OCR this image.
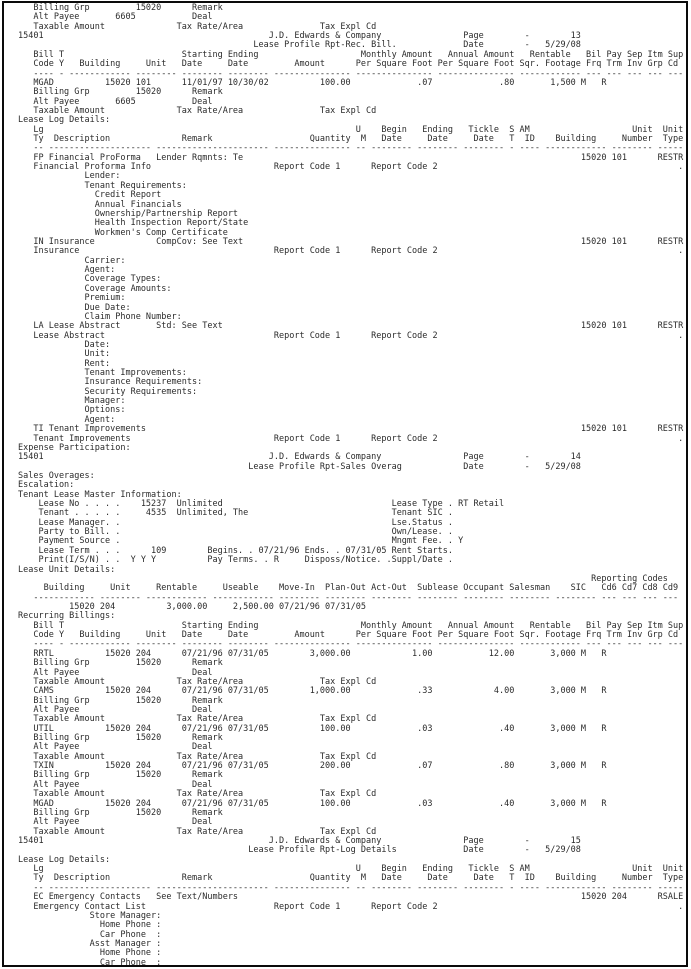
Billing Grp         15020      Remark
Alt Payee       6605           Deal
Taxable Amount              Tax Rate/Area               Tax Expl Cd
15401                                            J.D. Edwards & Company                Page        -        13
Lease Profile Rpt-Rec. Bill.             Date        -   5/29/08
Bill T                       Starting Ending                    Monthly Amount   Annual Amount   Rentable   Bil Pay Sep Itm Sup
Code Y   Building     Unit   Date     Date         Amount      Per Square Foot Per Square Foot Sqr. Footage Frq Trm Inv Grp Cd
---- - ------------ -------- -------- -------- --------------- --------------- --------------- ------------ --- --- --- --- ---
MGAD          15020 101      11/01/97 10/30/02          100.00             .07             .80       1,500 M   R
Billing Grp         15020      Remark
Alt Payee       6605           Deal
Taxable Amount              Tax Rate/Area               Tax Expl Cd
Lease Log Details:
Lg                                                             U    Begin   Ending   Tickle  S AM                    Unit  Unit
Ty  Description              Remark                   Quantity  M   Date     Date     Date   T  ID    Building     Number  Type
-- -------------------- ---------------------- --------------- -- -------- -------- -------- - ---- ------------ -------- -----
FP Financial ProForma   Lender Rqmnts: Te                                                                  15020 101      RESTR
Financial Proforma Info                        Report Code 1      Report Code 2                                               .
Lender:
Tenant Requirements:
Credit Report
Annual Financials
Ownership/Partnership Report
Health Inspection Report/State
Workmen's Comp Certificate
IN Insurance            CompCov: See Text                                                                  15020 101      RESTR
Insurance                                      Report Code 1      Report Code 2                                               .
Carrier:
Agent:
Coverage Types:
Coverage Amounts:
Premium:
Due Date:
Claim Phone Number:
LA Lease Abstract       Std: See Text                                                                      15020 101      RESTR
Lease Abstract                                 Report Code 1      Report Code 2                                               .
Date:
Unit:
Rent:
Tenant Improvements:
Insurance Requirements:
Security Requirements:
Manager:
Options:
Agent:
TI Tenant Improvements                                                                                     15020 101      RESTR
Tenant Improvements                            Report Code 1      Report Code 2                                               .
Expense Participation:
15401                                            J.D. Edwards & Company                Page        -        14
Lease Profile Rpt-Sales Overag            Date        -   5/29/08
Sales Overages:
Escalation:
Tenant Lease Master Information:
Lease No . . . .    15237  Unlimited                                 Lease Type . RT Retail
Tenant . . . . .     4535  Unlimited, The                            Tenant SIC .
Lease Manager. .                                                     Lse.Status .
Party to Bill. .                                                     Own/Lease. .
Payment Source .                                                     Mngmt Fee. . Y
Lease Term . . .      109        Begins. . 07/21/96 Ends. . 07/31/05 Rent Starts.
Print(I/S/N) . .  Y Y Y          Pay Terms. . R     Disposs/Notice. .Suppl/Date .
Lease Unit Details:
Reporting Codes
Building     Unit     Rentable     Useable    Move-In  Plan-Out Act-Out  Sublease Occupant Salesman    SIC   Cd6 Cd7 Cd8 Cd9
------------ -------- ------------ ------------ -------- -------- -------- -------- -------- -------- -------- --- --- --- ---
15020 204          3,000.00     2,500.00 07/21/96 07/31/05
Recurring Billings:
Bill T                       Starting Ending                    Monthly Amount   Annual Amount   Rentable   Bil Pay Sep Itm Sup
Code Y   Building     Unit   Date     Date         Amount      Per Square Foot Per Square Foot Sqr. Footage Frq Trm Inv Grp Cd
---- - ------------ -------- -------- -------- --------------- --------------- --------------- ------------ --- --- --- --- ---
RRTL          15020 204      07/21/96 07/31/05        3,000.00            1.00           12.00       3,000 M   R
Billing Grp         15020      Remark
Alt Payee                      Deal
Taxable Amount              Tax Rate/Area               Tax Expl Cd
CAMS          15020 204      07/21/96 07/31/05        1,000.00             .33            4.00       3,000 M   R
Billing Grp         15020      Remark
Alt Payee                      Deal
Taxable Amount              Tax Rate/Area               Tax Expl Cd
UTIL          15020 204      07/21/96 07/31/05          100.00             .03             .40       3,000 M   R
Billing Grp         15020      Remark
Alt Payee                      Deal
Taxable Amount              Tax Rate/Area               Tax Expl Cd
TXIN          15020 204      07/21/96 07/31/05          200.00             .07             .80       3,000 M   R
Billing Grp         15020      Remark
Alt Payee                      Deal
Taxable Amount              Tax Rate/Area               Tax Expl Cd
MGAD          15020 204      07/21/96 07/31/05          100.00             .03             .40       3,000 M   R
Billing Grp         15020      Remark
Alt Payee                      Deal
Taxable Amount              Tax Rate/Area               Tax Expl Cd
15401                                            J.D. Edwards & Company                Page        -        15
Lease Profile Rpt-Log Details             Date        -   5/29/08
Lease Log Details:
Lg                                                             U    Begin   Ending   Tickle  S AM                    Unit  Unit
Ty  Description              Remark                   Quantity  M   Date     Date     Date   T  ID    Building     Number  Type
-- -------------------- ---------------------- --------------- -- -------- -------- -------- - ---- ------------ -------- -----
EC Emergency Contacts   See Text/Numbers                                                                   15020 204      RSALE
Emergency Contact List                         Report Code 1      Report Code 2                                               .
Store Manager:
Home Phone :
Car Phone  :
Asst Manager :
Home Phone :
Car Phone  :
